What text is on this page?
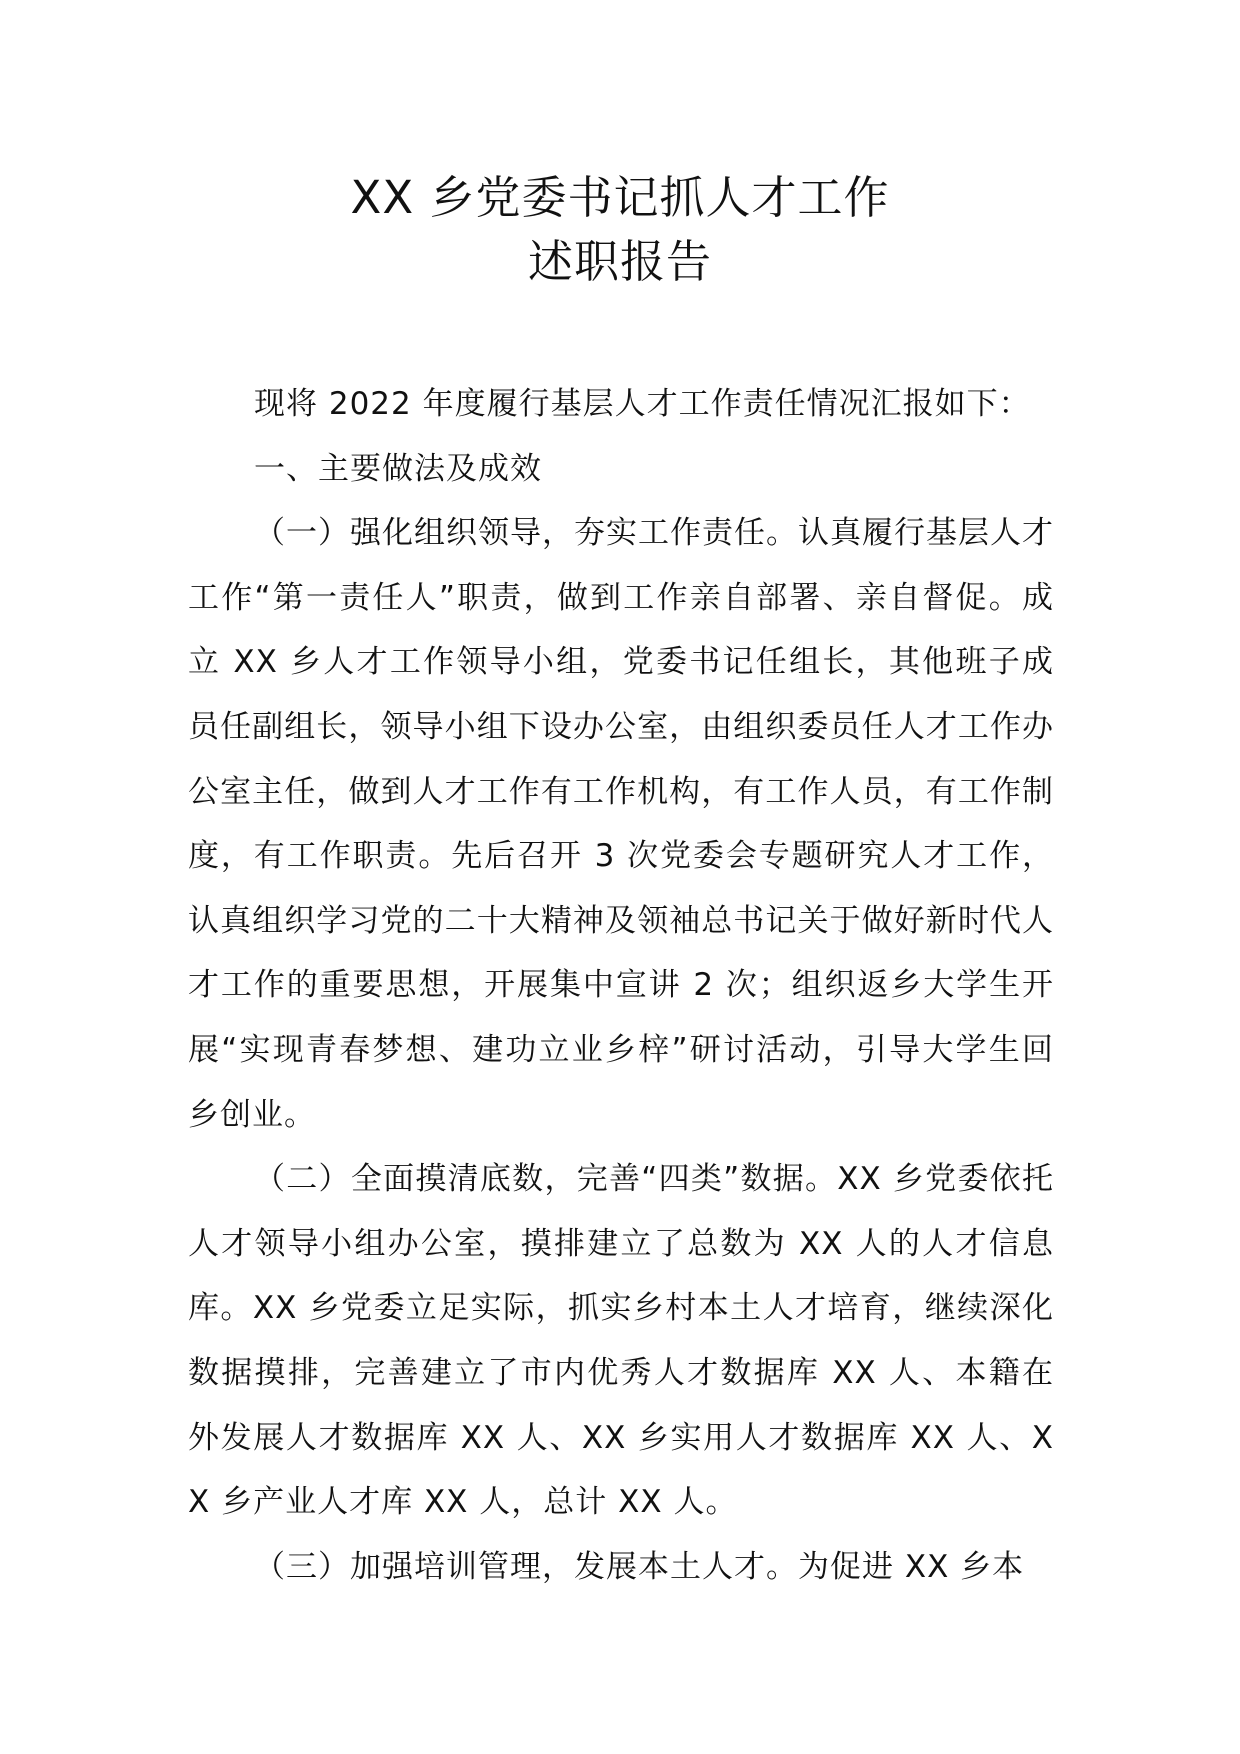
XX 乡党委书记抓人才工作
述职报告

现将 2022 年度履行基层人才工作责任情况汇报如下：

一、主要做法及成效

（一）强化组织领导，夯实工作责任。认真履行基层人才工作“第一责任人”职责，做到工作亲自部署、亲自督促。成立 XX 乡人才工作领导小组，党委书记任组长，其他班子成员任副组长，领导小组下设办公室，由组织委员任人才工作办公室主任，做到人才工作有工作机构，有工作人员，有工作制度，有工作职责。先后召开 3 次党委会专题研究人才工作，认真组织学习党的二十大精神及领袖总书记关于做好新时代人才工作的重要思想，开展集中宣讲 2 次；组织返乡大学生开展“实现青春梦想、建功立业乡梓”研讨活动，引导大学生回乡创业。

（二）全面摸清底数，完善“四类”数据。XX 乡党委依托人才领导小组办公室，摸排建立了总数为 XX 人的人才信息库。XX 乡党委立足实际，抓实乡村本土人才培育，继续深化数据摸排，完善建立了市内优秀人才数据库 XX 人、本籍在外发展人才数据库 XX 人、XX 乡实用人才数据库 XX 人、XX 乡产业人才库 XX 人，总计 XX 人。

（三）加强培训管理，发展本土人才。为促进 XX 乡本
